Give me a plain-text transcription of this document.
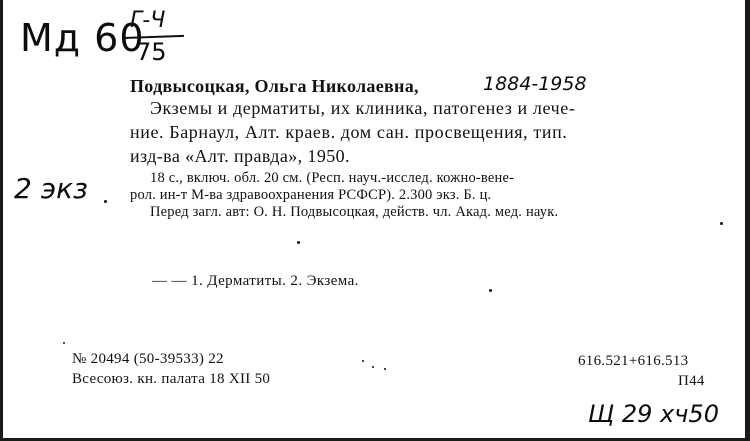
Мд 60
Г-Ч
75
2 экз
Подвысоцкая, Ольга Николаевна,	1884-1958
Экземы и дерматиты, их клиника, патогенез и лече-
ние. Барнаул, Алт. краев. дом сан. просвещения, тип.
изд-ва «Алт. правда», 1950.
18 с., включ. обл. 20 см. (Респ. науч.-исслед. кожно-вене-
рол. ин-т М-ва здравоохранения РСФСР). 2.300 экз. Б. ц.
Перед загл. авт: О. Н. Подвысоцкая, действ. чл. Акад. мед. наук.
— — 1. Дерматиты. 2. Экзема.
№ 20494 (50-39533) 22
Всесоюз. кн. палата 18 XII 50
616.521+616.513
П44
Щ 29 хч50
